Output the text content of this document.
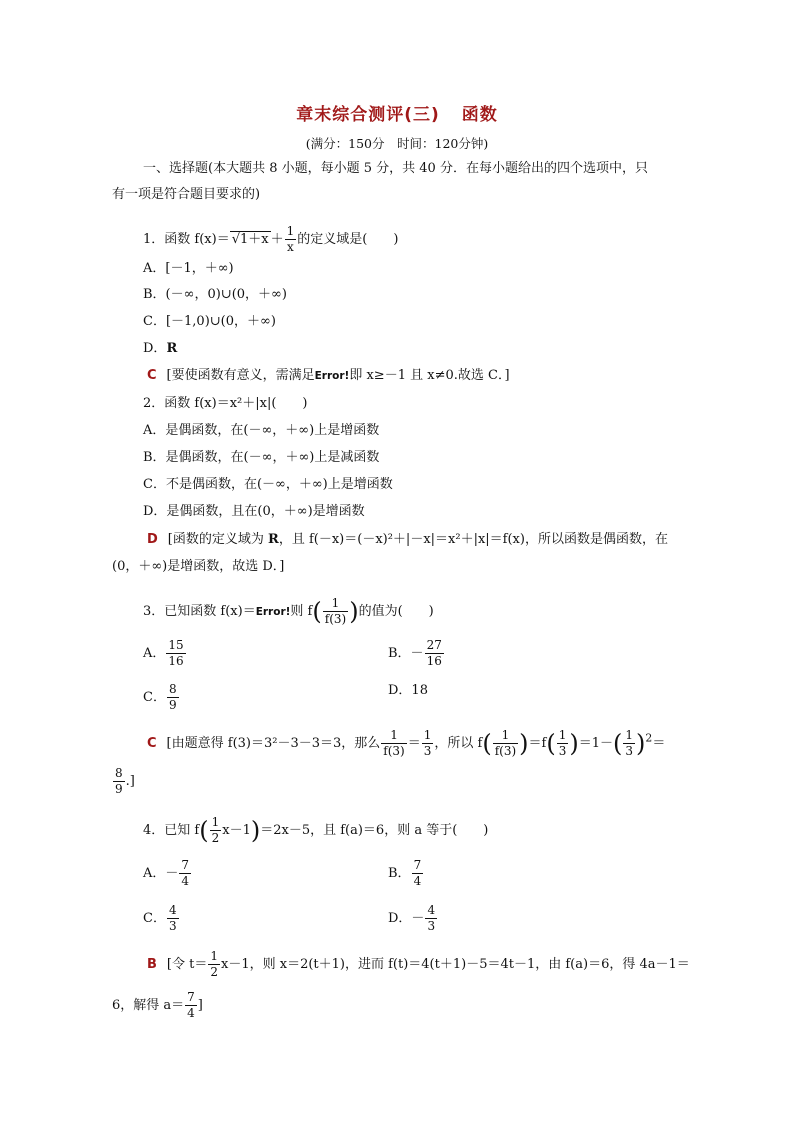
章末综合测评(三) 函数
(满分：150分　时间：120分钟)
一、选择题(本大题共 8 小题，每小题 5 分，共 40 分．在每小题给出的四个选项中，只
有一项是符合题目要求的)
1．函数 $f(x)= √1+x + \frac{1}{x}$ 的定义域是(　　)
A．[－1，＋∞)
B．(－∞，0)∪(0，＋∞)
C．[－1,0)∪(0，＋∞)
D．R
C [要使函数有意义，需满足Error!即 x≥－1 且 x≠0.故选 C．]
2．函数 f(x)＝x²＋|x|(　　)
A．是偶函数，在(－∞，＋∞)上是增函数
B．是偶函数，在(－∞，＋∞)上是减函数
C．不是偶函数，在(－∞，＋∞)上是增函数
D．是偶函数，且在(0，＋∞)是增函数
D [函数的定义域为 R，且 f(－x)＝(－x)²＋|－x|＝x²＋|x|＝f(x)，所以函数是偶函数，在
(0，＋∞)是增函数，故选 D．]
3．已知函数 f(x)＝Error!则 $f( \frac{1}{f(3)}$ )的值为(　　)
A． $\frac{15}{16}$	B．－ $\frac{27}{16}$
C． $\frac{8}{9}$	D．18
C [由题意得 f(3)＝3²－3－3＝3，那么 $\frac{1}{f(3)} = \frac{1}{3}$ ，所以 $f( \frac{1}{f(3)} )=f( \frac{1}{3} )=1-( \frac{1}{3} )^2=$
$\frac{8}{9}$ .]
4．已知 $f( \frac{1}{2} x-1)=2x-5$，且 f(a)＝6，则 a 等于(　　)
A．－ $\frac{7}{4}$	B． $\frac{7}{4}$
C． $\frac{4}{3}$	D．－ $\frac{4}{3}$
B [令 $t= \frac{1}{2} x-1$，则 x＝2(t＋1)，进而 f(t)＝4(t＋1)－5＝4t－1，由 f(a)＝6，得 4a－1＝
6，解得 $a= \frac{7}{4}$ ]
